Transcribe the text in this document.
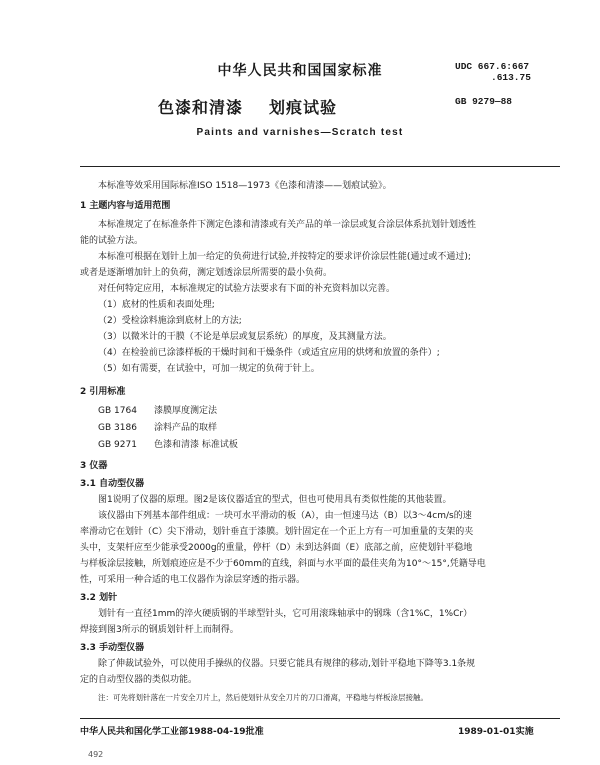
中华人民共和国国家标准	UDC 667.6:667
.613.75
GB 9279—88
色漆和清漆 划痕试验
Paints and varnishes—Scratch test
本标准等效采用国际标准ISO 1518—1973《色漆和清漆——划痕试验》。
1 主题内容与适用范围
本标准规定了在标准条件下测定色漆和清漆或有关产品的单一涂层或复合涂层体系抗划针划透性
能的试验方法。
本标准可根据在划针上加一给定的负荷进行试验,并按特定的要求评价涂层性能(通过或不通过);
或者是逐渐增加针上的负荷，测定划透涂层所需要的最小负荷。
对任何特定应用，本标准规定的试验方法要求有下面的补充资料加以完善。
（1）底材的性质和表面处理;
（2）受检涂料施涂到底材上的方法;
（3）以微米计的干膜（不论是单层或复层系统）的厚度，及其测量方法。
（4）在检验前已涂漆样板的干燥时间和干燥条件（或适宜应用的烘烤和放置的条件）;
（5）如有需要，在试验中，可加一规定的负荷于针上。
2 引用标准
GB 1764 漆膜厚度测定法
GB 3186 涂料产品的取样
GB 9271 色漆和清漆 标准试板
3 仪器
3.1 自动型仪器
图1说明了仪器的原理。图2是该仪器适宜的型式，但也可使用具有类似性能的其他装置。
该仪器由下列基本部件组成：一块可水平滑动的板（A），由一恒速马达（B）以3～4cm/s的速
率滑动它在划针（C）尖下滑动，划针垂直于漆膜。划针固定在一个正上方有一可加重量的支架的夹
头中，支架杆应至少能承受2000g的重量，停杆（D）未到达斜面（E）底部之前，应使划针平稳地
与样板涂层接触，所划痕迹应是不少于60mm的直线，斜面与水平面的最佳夹角为10°～15°,凭籍导电
性，可采用一种合适的电工仪器作为涂层穿透的指示器。
3.2 划针
划针有一直径1mm的淬火硬质钢的半球型针头，它可用滚珠轴承中的钢珠（含1%C，1%Cr）
焊接到图3所示的钢质划针杆上而制得。
3.3 手动型仪器
除了伸裁试验外，可以使用手操纵的仪器。只要它能具有规律的移动,划针平稳地下降等3.1条规
定的自动型仪器的类似功能。
注：可先将划针落在一片安全刀片上，然后使划针从安全刀片的刀口滑离，平稳地与样板涂层接触。
中华人民共和国化学工业部1988-04-19批准	1989-01-01实施
492
